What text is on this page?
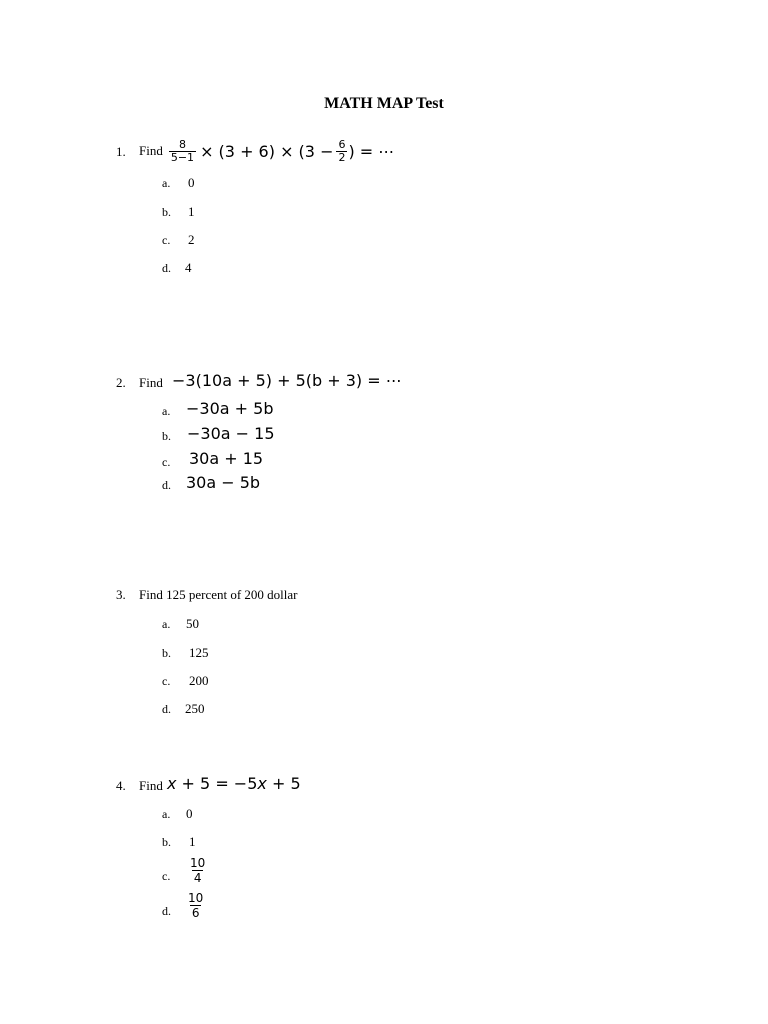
MATH MAP Test
1. Find $\frac{8}{5-1} \times (3 + 6) \times (3 - \frac{6}{2}$ ) = ⋯
a. 0
b. 1
c. 2
d. 4
2. Find −3(10a + 5) + 5(b + 3) = ⋯
a. −30a + 5b
b. −30a − 15
c. 30a + 15
d. 30a − 5b
3. Find 125 percent of 200 dollar
a. 50
b. 125
c. 200
d. 250
4. Find x + 5 = −5x + 5
a. 0
b. 1
c. $\frac{10}{4}$
d. $\frac{10}{6}$
